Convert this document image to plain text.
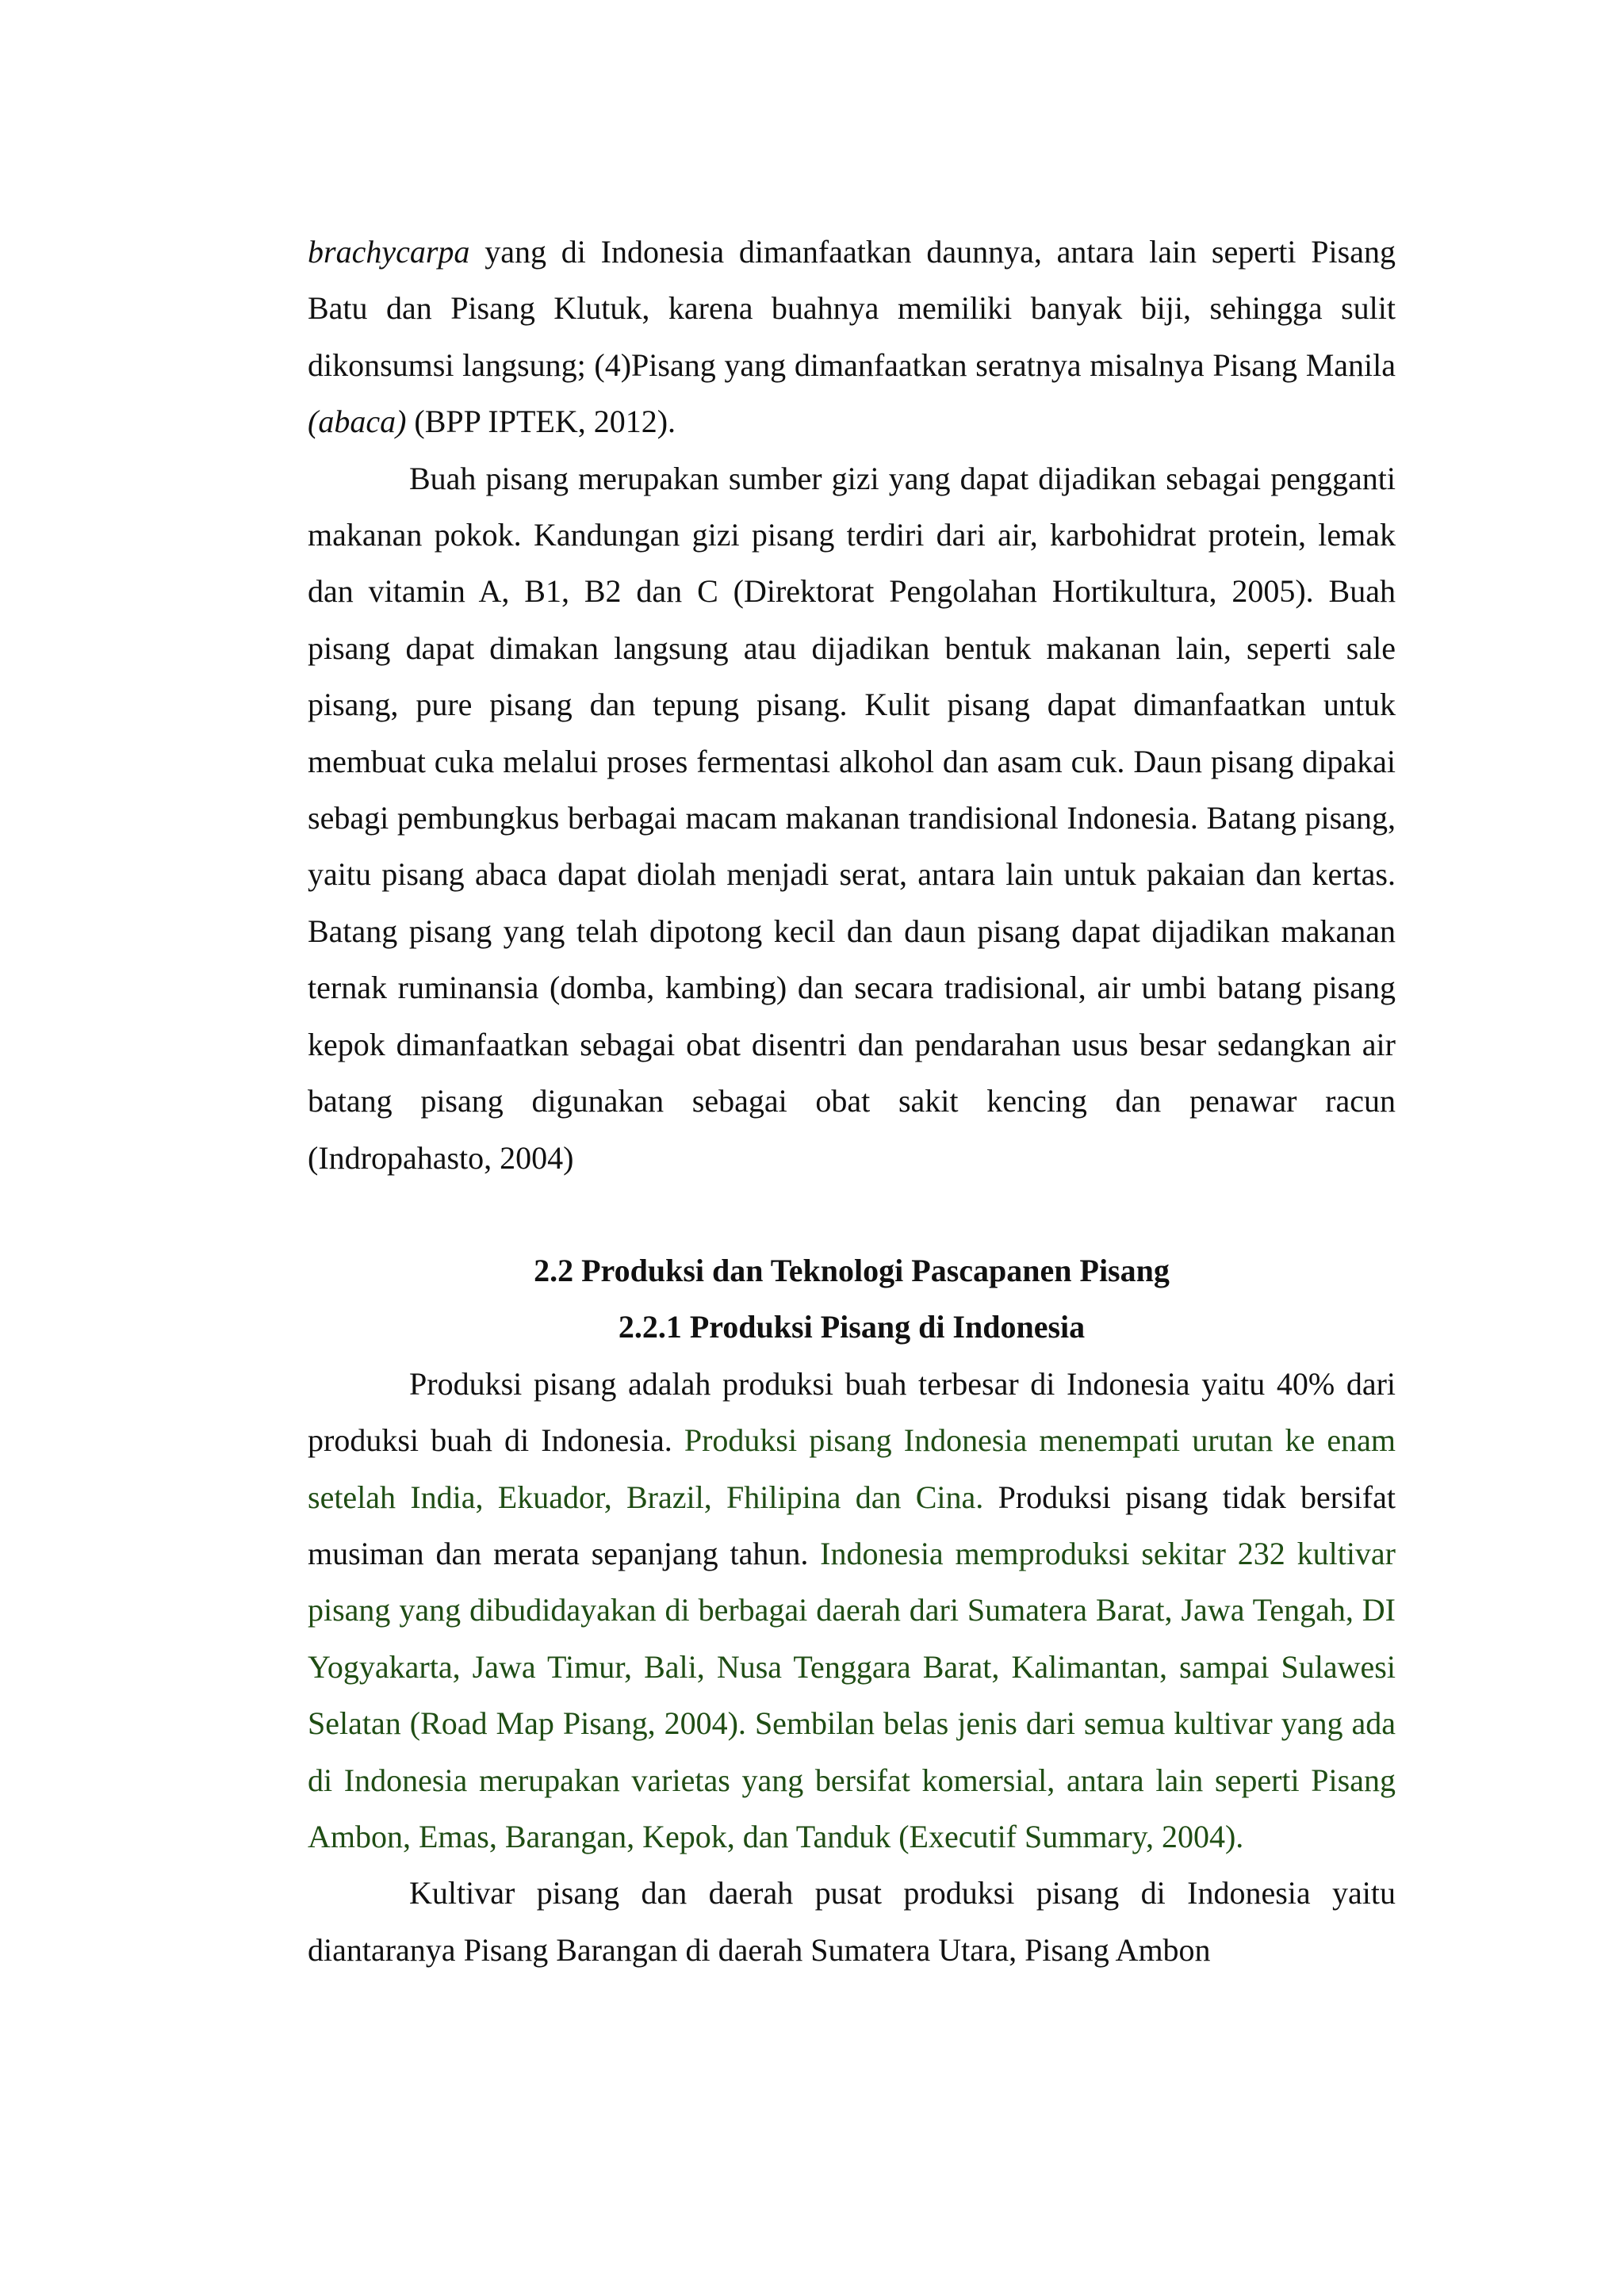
brachycarpa yang di Indonesia dimanfaatkan daunnya, antara lain seperti Pisang Batu dan Pisang Klutuk, karena buahnya memiliki banyak biji, sehingga sulit dikonsumsi langsung; (4)Pisang yang dimanfaatkan seratnya misalnya Pisang Manila (abaca) (BPP IPTEK, 2012).

Buah pisang merupakan sumber gizi yang dapat dijadikan sebagai pengganti makanan pokok. Kandungan gizi pisang terdiri dari air, karbohidrat protein, lemak dan vitamin A, B1, B2 dan C (Direktorat Pengolahan Hortikultura, 2005). Buah pisang dapat dimakan langsung atau dijadikan bentuk makanan lain, seperti sale pisang, pure pisang dan tepung pisang. Kulit pisang dapat dimanfaatkan untuk membuat cuka melalui proses fermentasi alkohol dan asam cuk. Daun pisang dipakai sebagi pembungkus berbagai macam makanan trandisional Indonesia. Batang pisang, yaitu pisang abaca dapat diolah menjadi serat, antara lain untuk pakaian dan kertas. Batang pisang yang telah dipotong kecil dan daun pisang dapat dijadikan makanan ternak ruminansia (domba, kambing) dan secara tradisional, air umbi batang pisang kepok dimanfaatkan sebagai obat disentri dan pendarahan usus besar sedangkan air batang pisang digunakan sebagai obat sakit kencing dan penawar racun (Indropahasto, 2004)

2.2 Produksi dan Teknologi Pascapanen Pisang
2.2.1 Produksi Pisang di Indonesia

Produksi pisang adalah produksi buah terbesar di Indonesia yaitu 40% dari produksi buah di Indonesia. Produksi pisang Indonesia menempati urutan ke enam setelah India, Ekuador, Brazil, Fhilipina dan Cina. Produksi pisang tidak bersifat musiman dan merata sepanjang tahun. Indonesia memproduksi sekitar 232 kultivar pisang yang dibudidayakan di berbagai daerah dari Sumatera Barat, Jawa Tengah, DI Yogyakarta, Jawa Timur, Bali, Nusa Tenggara Barat, Kalimantan, sampai Sulawesi Selatan (Road Map Pisang, 2004). Sembilan belas jenis dari semua kultivar yang ada di Indonesia merupakan varietas yang bersifat komersial, antara lain seperti Pisang Ambon, Emas, Barangan, Kepok, dan Tanduk (Executif Summary, 2004).

Kultivar pisang dan daerah pusat produksi pisang di Indonesia yaitu diantaranya Pisang Barangan di daerah Sumatera Utara, Pisang Ambon
